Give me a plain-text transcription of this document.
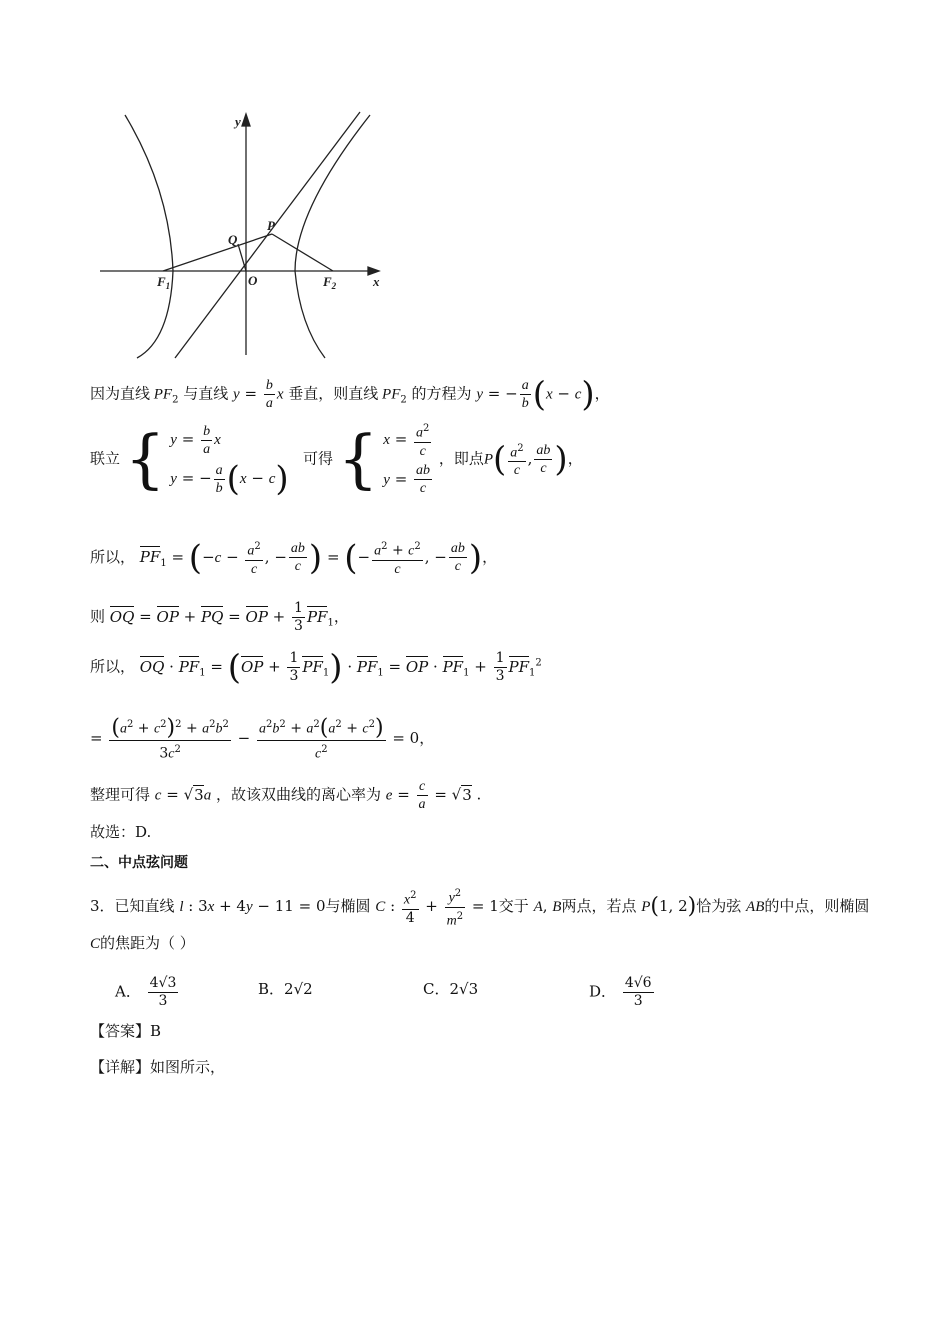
y
x
P
Q
O
$F_1$	$F_2$
因为直线 $PF_2$ 与直线 $y = \frac{b}{a}$ x 垂直，则直线 $PF_2$ 的方程为 y = − $\frac{a}{b} (x - c)$，
联立 { $y = \frac{b}{a}$ x
y = − $\frac{a}{b} (x - c)$
可得 { $x = \frac{a^2}{c}$
$y = \frac{ab}{c}$
，即点$P( \frac{a^2}{c}$ , $\frac{ab}{c}$ )，
所以， $PF_1 = (-c - \frac{a^2}{c}$ , − $\frac{ab}{c}$ ) = (− $\frac{a^2 + c^2}{c}$ , − $\frac{ab}{c}$ )，
则 OQ = OP + PQ = OP + $\frac{1}{3} PF_1$，
所以， OQ · $PF_1 = (OP + \frac{1}{3} PF_1) \cdot PF_1$ = OP · $PF_1 + \frac{1}{3} PF_1^2$
= $\frac{(a^2 + c^2)^2 + a^2b^2}{3c^2} - \frac{a^2b^2 + a^2(a^2 + c^2)}{c^2} = 0$，
整理可得 c = √3a ，故该双曲线的离心率为 $e = \frac{c}{a} = √3$ .
故选：D.
二、中点弦问题
3．已知直线 l : 3x + 4y − 11 = 0与椭圆 C : $\frac{x^2}{4} + \frac{y^2}{m^2} = 1$交于 A, B两点，若点 P(1, 2)恰为弦 AB的中点，则椭圆
C的焦距为（ ）
A． $\frac{4√3}{3}$	B．2√2	C．2√3	D． $\frac{4√6}{3}$
【答案】B
【详解】如图所示，
